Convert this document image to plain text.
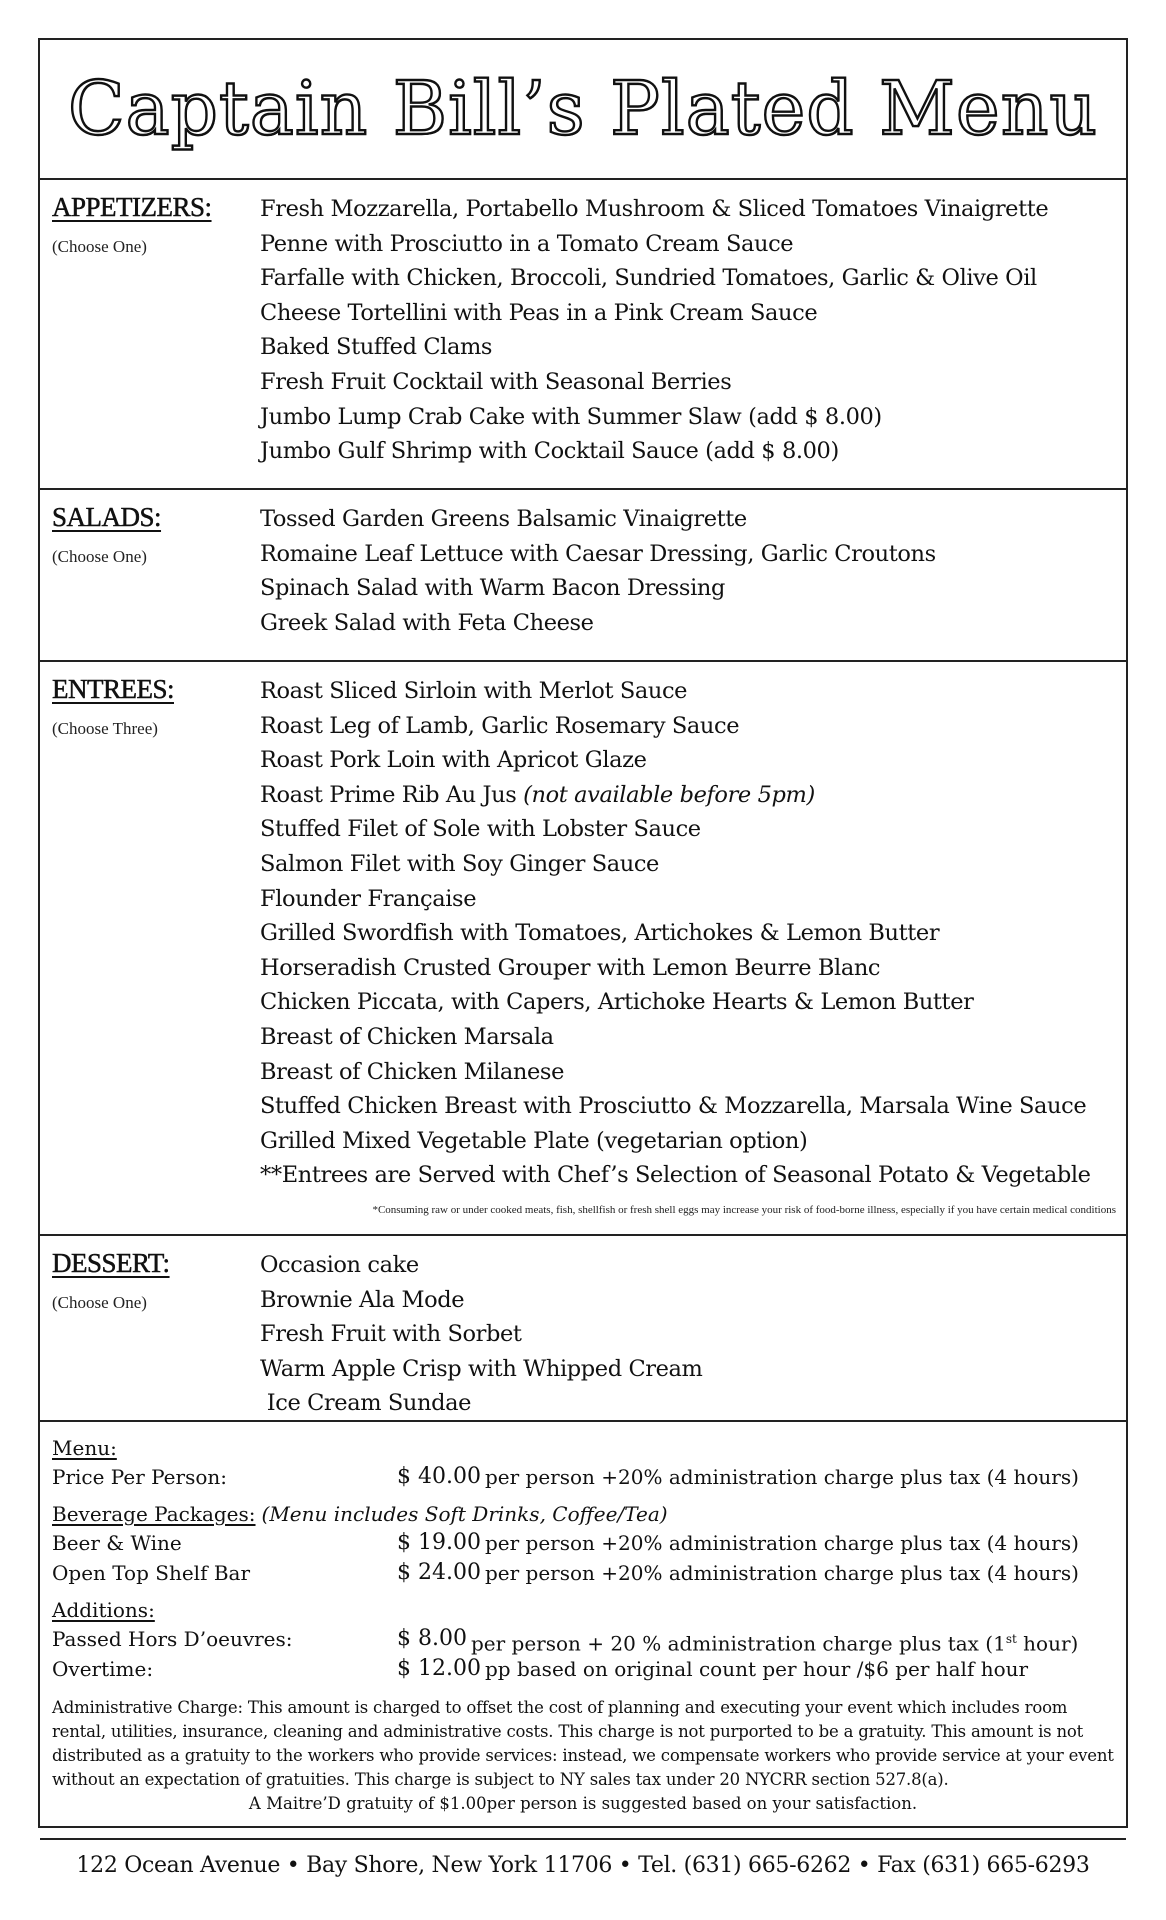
Captain Bill’s Plated Menu
APPETIZERS:
(Choose One)
Fresh Mozzarella, Portabello Mushroom & Sliced Tomatoes Vinaigrette
Penne with Prosciutto in a Tomato Cream Sauce
Farfalle with Chicken, Broccoli, Sundried Tomatoes, Garlic & Olive Oil
Cheese Tortellini with Peas in a Pink Cream Sauce
Baked Stuffed Clams
Fresh Fruit Cocktail with Seasonal Berries
Jumbo Lump Crab Cake with Summer Slaw (add $ 8.00)
Jumbo Gulf Shrimp with Cocktail Sauce (add $ 8.00)
SALADS:
(Choose One)
Tossed Garden Greens Balsamic Vinaigrette
Romaine Leaf Lettuce with Caesar Dressing, Garlic Croutons
Spinach Salad with Warm Bacon Dressing
Greek Salad with Feta Cheese
ENTREES:
(Choose Three)
Roast Sliced Sirloin with Merlot Sauce
Roast Leg of Lamb, Garlic Rosemary Sauce
Roast Pork Loin with Apricot Glaze
Roast Prime Rib Au Jus (not available before 5pm)
Stuffed Filet of Sole with Lobster Sauce
Salmon Filet with Soy Ginger Sauce
Flounder Française
Grilled Swordfish with Tomatoes, Artichokes & Lemon Butter
Horseradish Crusted Grouper with Lemon Beurre Blanc
Chicken Piccata, with Capers, Artichoke Hearts & Lemon Butter
Breast of Chicken Marsala
Breast of Chicken Milanese
Stuffed Chicken Breast with Prosciutto & Mozzarella, Marsala Wine Sauce
Grilled Mixed Vegetable Plate (vegetarian option)
**Entrees are Served with Chef’s Selection of Seasonal Potato & Vegetable
*Consuming raw or under cooked meats, fish, shellfish or fresh shell eggs may increase your risk of food-borne illness, especially if you have certain medical conditions
DESSERT:
(Choose One)
Occasion cake
Brownie Ala Mode
Fresh Fruit with Sorbet
Warm Apple Crisp with Whipped Cream
Ice Cream Sundae
Menu:
Price Per Person:	$ 40.00 per person +20% administration charge plus tax (4 hours)
Beverage Packages: (Menu includes Soft Drinks, Coffee/Tea)
Beer & Wine	$ 19.00 per person +20% administration charge plus tax (4 hours)
Open Top Shelf Bar	$ 24.00 per person +20% administration charge plus tax (4 hours)
Additions:
Passed Hors D’oeuvres:	$ 8.00 per person + 20 % administration charge plus tax (1st hour)
Overtime:	$ 12.00 pp based on original count per hour /$6 per half hour
Administrative Charge: This amount is charged to offset the cost of planning and executing your event which includes room rental, utilities, insurance, cleaning and administrative costs. This charge is not purported to be a gratuity. This amount is not distributed as a gratuity to the workers who provide services: instead, we compensate workers who provide service at your event without an expectation of gratuities. This charge is subject to NY sales tax under 20 NYCRR section 527.8(a).
A Maitre’D gratuity of $1.00per person is suggested based on your satisfaction.
122 Ocean Avenue • Bay Shore, New York 11706 • Tel. (631) 665-6262 • Fax (631) 665-6293
